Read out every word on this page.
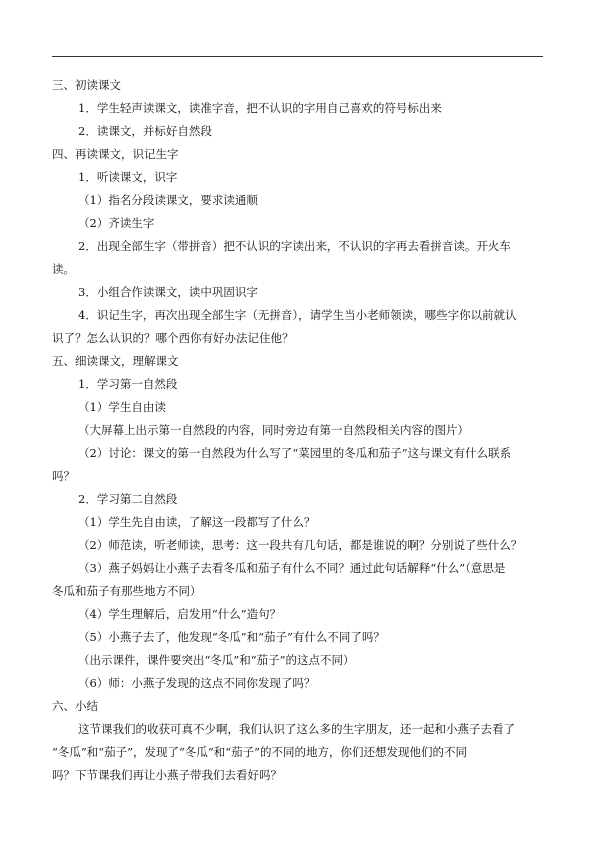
三、初读课文
1．学生轻声读课文，读准字音，把不认识的字用自己喜欢的符号标出来
2．读课文，并标好自然段
四、再读课文，识记生字
1．听读课文，识字
（1）指名分段读课文，要求读通顺
（2）齐读生字
2．出现全部生字（带拼音）把不认识的字读出来，不认识的字再去看拼音读。开火车
读。
3．小组合作读课文，读中巩固识字
4．识记生字，再次出现全部生字（无拼音），请学生当小老师领读，哪些字你以前就认
识了？怎么认识的？哪个西你有好办法记住他？
五、细读课文，理解课文
1．学习第一自然段
（1）学生自由读
（大屏幕上出示第一自然段的内容，同时旁边有第一自然段相关内容的图片）
（2）讨论：课文的第一自然段为什么写了“菜园里的冬瓜和茄子”这与课文有什么联系
吗？
2．学习第二自然段
（1）学生先自由读，了解这一段都写了什么？
（2）师范读，听老师读，思考：这一段共有几句话，都是谁说的啊？分别说了些什么？
（3）燕子妈妈让小燕子去看冬瓜和茄子有什么不同？通过此句话解释“什么”（意思是
冬瓜和茄子有那些地方不同）
（4）学生理解后，启发用“什么”造句？
（5）小燕子去了，他发现“冬瓜”和“茄子”有什么不同了吗？
（出示课件，课件要突出“冬瓜”和“茄子”的这点不同）
（6）师：小燕子发现的这点不同你发现了吗？
六、小结
这节课我们的收获可真不少啊，我们认识了这么多的生字朋友，还一起和小燕子去看了
“冬瓜”和“茄子”，发现了“冬瓜”和“茄子”的不同的地方，你们还想发现他们的不同
吗？下节课我们再让小燕子带我们去看好吗？
